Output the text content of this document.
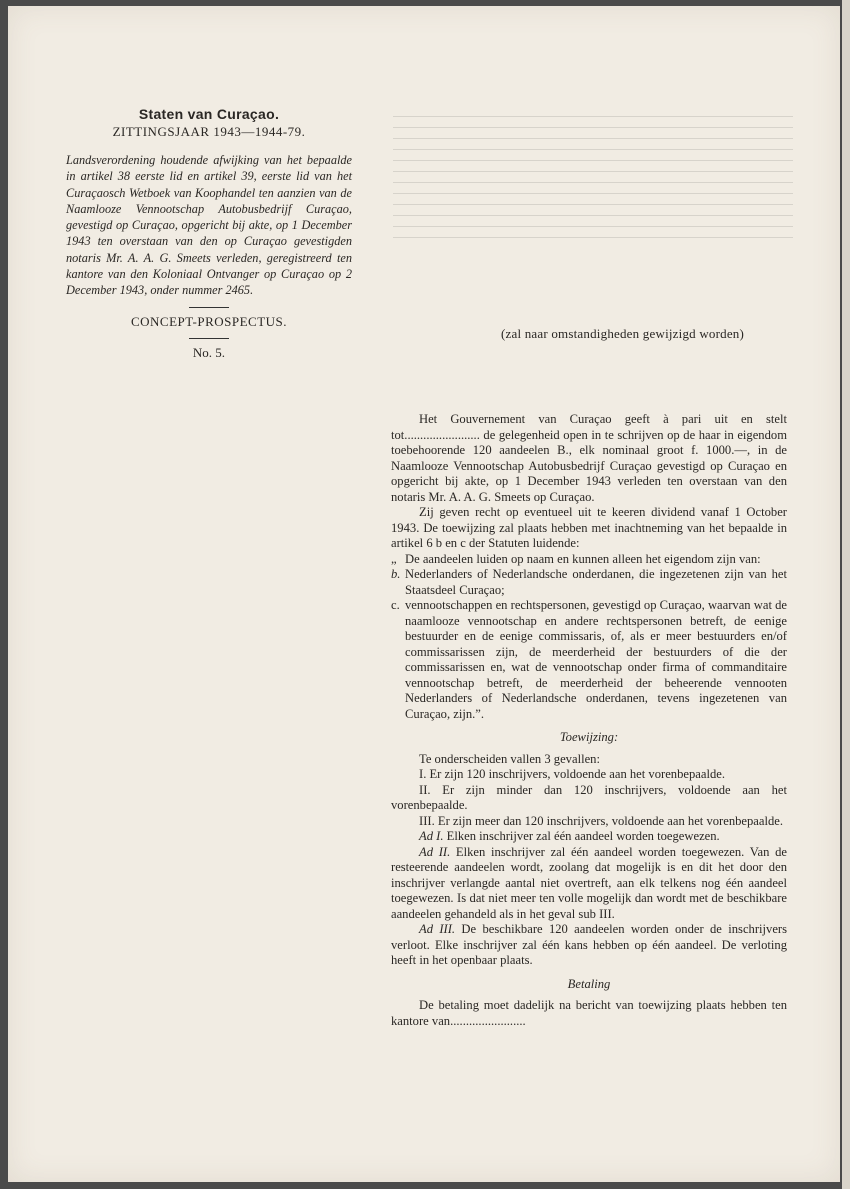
Staten van Curaçao.

ZITTINGSJAAR 1943—1944-79.

Landsverordening houdende afwijking van het bepaalde in artikel 38 eerste lid en artikel 39, eerste lid van het Curaçaosch Wetboek van Koophandel ten aanzien van de Naamlooze Vennootschap Autobusbedrijf Curaçao, gevestigd op Curaçao, opgericht bij akte, op 1 December 1943 ten overstaan van den op Curaçao gevestigden notaris Mr. A. A. G. Smeets verleden, geregistreerd ten kantore van den Koloniaal Ontvanger op Curaçao op 2 December 1943, onder nummer 2465.

CONCEPT-PROSPECTUS.

No. 5.

(zal naar omstandigheden gewijzigd worden)

Het Gouvernement van Curaçao geeft à pari uit en stelt tot........................ de gelegenheid open in te schrijven op de haar in eigendom toebehoorende 120 aandeelen B., elk nominaal groot f. 1000.—, in de Naamlooze Vennootschap Autobusbedrijf Curaçao gevestigd op Curaçao en opgericht bij akte, op 1 December 1943 verleden ten overstaan van den notaris Mr. A. A. G. Smeets op Curaçao.

Zij geven recht op eventueel uit te keeren dividend vanaf 1 October 1943. De toewijzing zal plaats hebben met inachtneming van het bepaalde in artikel 6 b en c der Statuten luidende:

„ De aandeelen luiden op naam en kunnen alleen het eigendom zijn van:
b. Nederlanders of Nederlandsche onderdanen, die ingezetenen zijn van het Staatsdeel Curaçao;
c. vennootschappen en rechtspersonen, gevestigd op Curaçao, waarvan wat de naamlooze vennootschap en andere rechtspersonen betreft, de eenige bestuurder en de eenige commissaris, of, als er meer bestuurders en/of commissarissen zijn, de meerderheid der bestuurders of die der commissarissen en, wat de vennootschap onder firma of commanditaire vennootschap betreft, de meerderheid der beheerende vennooten Nederlanders of Nederlandsche onderdanen, tevens ingezetenen van Curaçao, zijn.”.

Toewijzing:

Te onderscheiden vallen 3 gevallen:

I. Er zijn 120 inschrijvers, voldoende aan het vorenbepaalde.

II. Er zijn minder dan 120 inschrijvers, voldoende aan het vorenbepaalde.

III. Er zijn meer dan 120 inschrijvers, voldoende aan het vorenbepaalde.

Ad I. Elken inschrijver zal één aandeel worden toegewezen.

Ad II. Elken inschrijver zal één aandeel worden toegewezen. Van de resteerende aandeelen wordt, zoolang dat mogelijk is en dit het door den inschrijver verlangde aantal niet overtreft, aan elk telkens nog één aandeel toegewezen. Is dat niet meer ten volle mogelijk dan wordt met de beschikbare aandeelen gehandeld als in het geval sub III.

Ad III. De beschikbare 120 aandeelen worden onder de inschrijvers verloot. Elke inschrijver zal één kans hebben op één aandeel. De verloting heeft in het openbaar plaats.

Betaling

De betaling moet dadelijk na bericht van toewijzing plaats hebben ten kantore van........................
